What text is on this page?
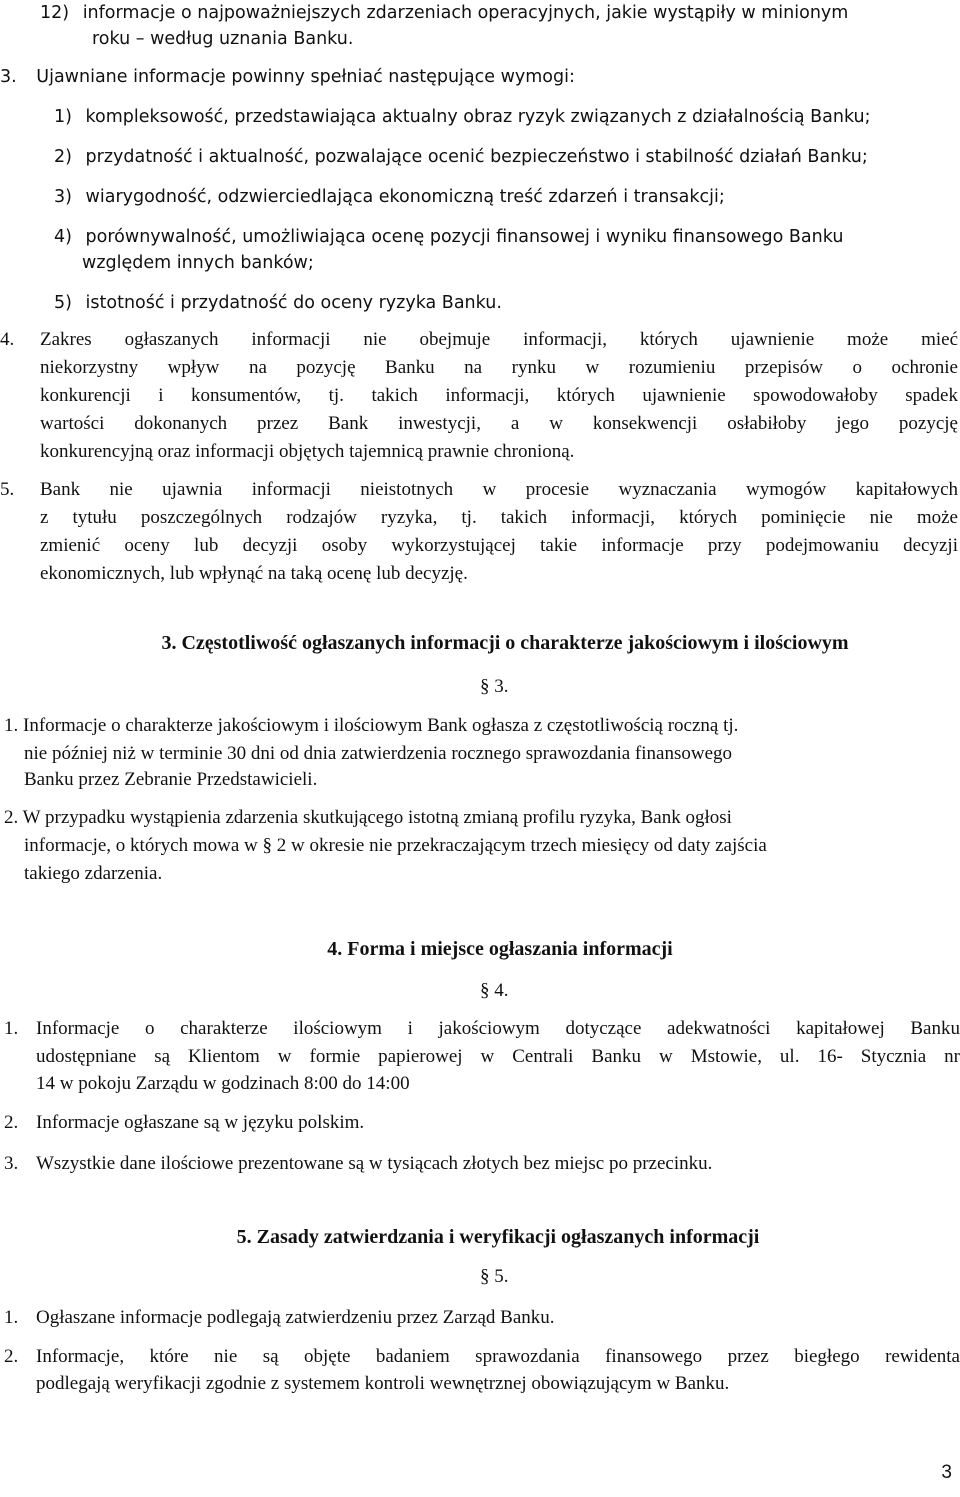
12) informacje o najpoważniejszych zdarzeniach operacyjnych, jakie wystąpiły w minionym
roku – według uznania Banku.
3. Ujawniane informacje powinny spełniać następujące wymogi:
1) kompleksowość, przedstawiająca aktualny obraz ryzyk związanych z działalnością Banku;
2) przydatność i aktualność, pozwalające ocenić bezpieczeństwo i stabilność działań Banku;
3) wiarygodność, odzwierciedlająca ekonomiczną treść zdarzeń i transakcji;
4) porównywalność, umożliwiająca ocenę pozycji finansowej i wyniku finansowego Banku
względem innych banków;
5) istotność i przydatność do oceny ryzyka Banku.
4. Zakres ogłaszanych informacji nie obejmuje informacji, których ujawnienie może mieć
niekorzystny wpływ na pozycję Banku na rynku w rozumieniu przepisów o ochronie
konkurencji i konsumentów, tj. takich informacji, których ujawnienie spowodowałoby spadek
wartości dokonanych przez Bank inwestycji, a w konsekwencji osłabiłoby jego pozycję
konkurencyjną oraz informacji objętych tajemnicą prawnie chronioną.
5. Bank nie ujawnia informacji nieistotnych w procesie wyznaczania wymogów kapitałowych
z tytułu poszczególnych rodzajów ryzyka, tj. takich informacji, których pominięcie nie może
zmienić oceny lub decyzji osoby wykorzystującej takie informacje przy podejmowaniu decyzji
ekonomicznych, lub wpłynąć na taką ocenę lub decyzję.
3. Częstotliwość ogłaszanych informacji o charakterze jakościowym i ilościowym
§ 3.
1. Informacje o charakterze jakościowym i ilościowym Bank ogłasza z częstotliwością roczną tj.
nie później niż w terminie 30 dni od dnia zatwierdzenia rocznego sprawozdania finansowego
Banku przez Zebranie Przedstawicieli.
2. W przypadku wystąpienia zdarzenia skutkującego istotną zmianą profilu ryzyka, Bank ogłosi
informacje, o których mowa w § 2 w okresie nie przekraczającym trzech miesięcy od daty zajścia
takiego zdarzenia.
4. Forma i miejsce ogłaszania informacji
§ 4.
1. Informacje o charakterze ilościowym i jakościowym dotyczące adekwatności kapitałowej Banku
udostępniane są Klientom w formie papierowej w Centrali Banku w Mstowie, ul. 16- Stycznia nr
14 w pokoju Zarządu w godzinach 8:00 do 14:00
2. Informacje ogłaszane są w języku polskim.
3. Wszystkie dane ilościowe prezentowane są w tysiącach złotych bez miejsc po przecinku.
5. Zasady zatwierdzania i weryfikacji ogłaszanych informacji
§ 5.
1. Ogłaszane informacje podlegają zatwierdzeniu przez Zarząd Banku.
2. Informacje, które nie są objęte badaniem sprawozdania finansowego przez biegłego rewidenta
podlegają weryfikacji zgodnie z systemem kontroli wewnętrznej obowiązującym w Banku.
3
